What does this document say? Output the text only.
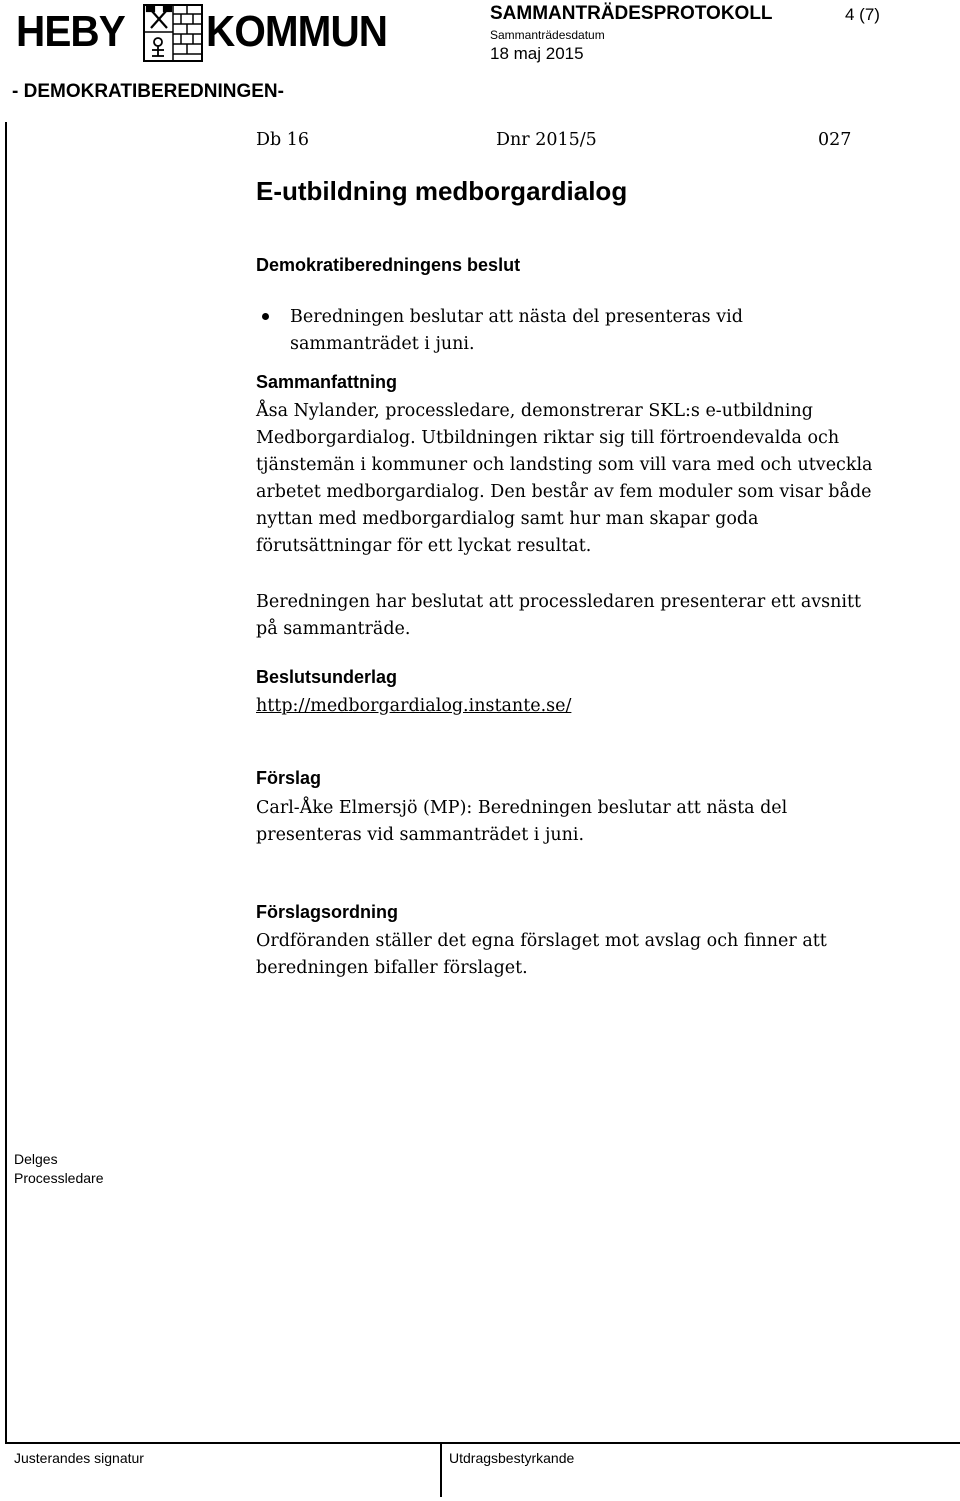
HEBY KOMMUN	SAMMANTRÄDESPROTOKOLL	4 (7)
Sammanträdesdatum
18 maj 2015
- DEMOKRATIBEREDNINGEN-
Db 16	Dnr 2015/5	027
E-utbildning medborgardialog
Demokratiberedningens beslut
Beredningen beslutar att nästa del presenteras vid sammanträdet i juni.
Sammanfattning
Åsa Nylander, processledare, demonstrerar SKL:s e-utbildning Medborgardialog. Utbildningen riktar sig till förtroendevalda och tjänstemän i kommuner och landsting som vill vara med och utveckla arbetet medborgardialog. Den består av fem moduler som visar både nyttan med medborgardialog samt hur man skapar goda förutsättningar för ett lyckat resultat.
Beredningen har beslutat att processledaren presenterar ett avsnitt på sammanträde.
Beslutsunderlag
http://medborgardialog.instante.se/
Förslag
Carl-Åke Elmersjö (MP): Beredningen beslutar att nästa del presenteras vid sammanträdet i juni.
Förslagsordning
Ordföranden ställer det egna förslaget mot avslag och finner att beredningen bifaller förslaget.
Delges
Processledare
Justerandes signatur	Utdragsbestyrkande
